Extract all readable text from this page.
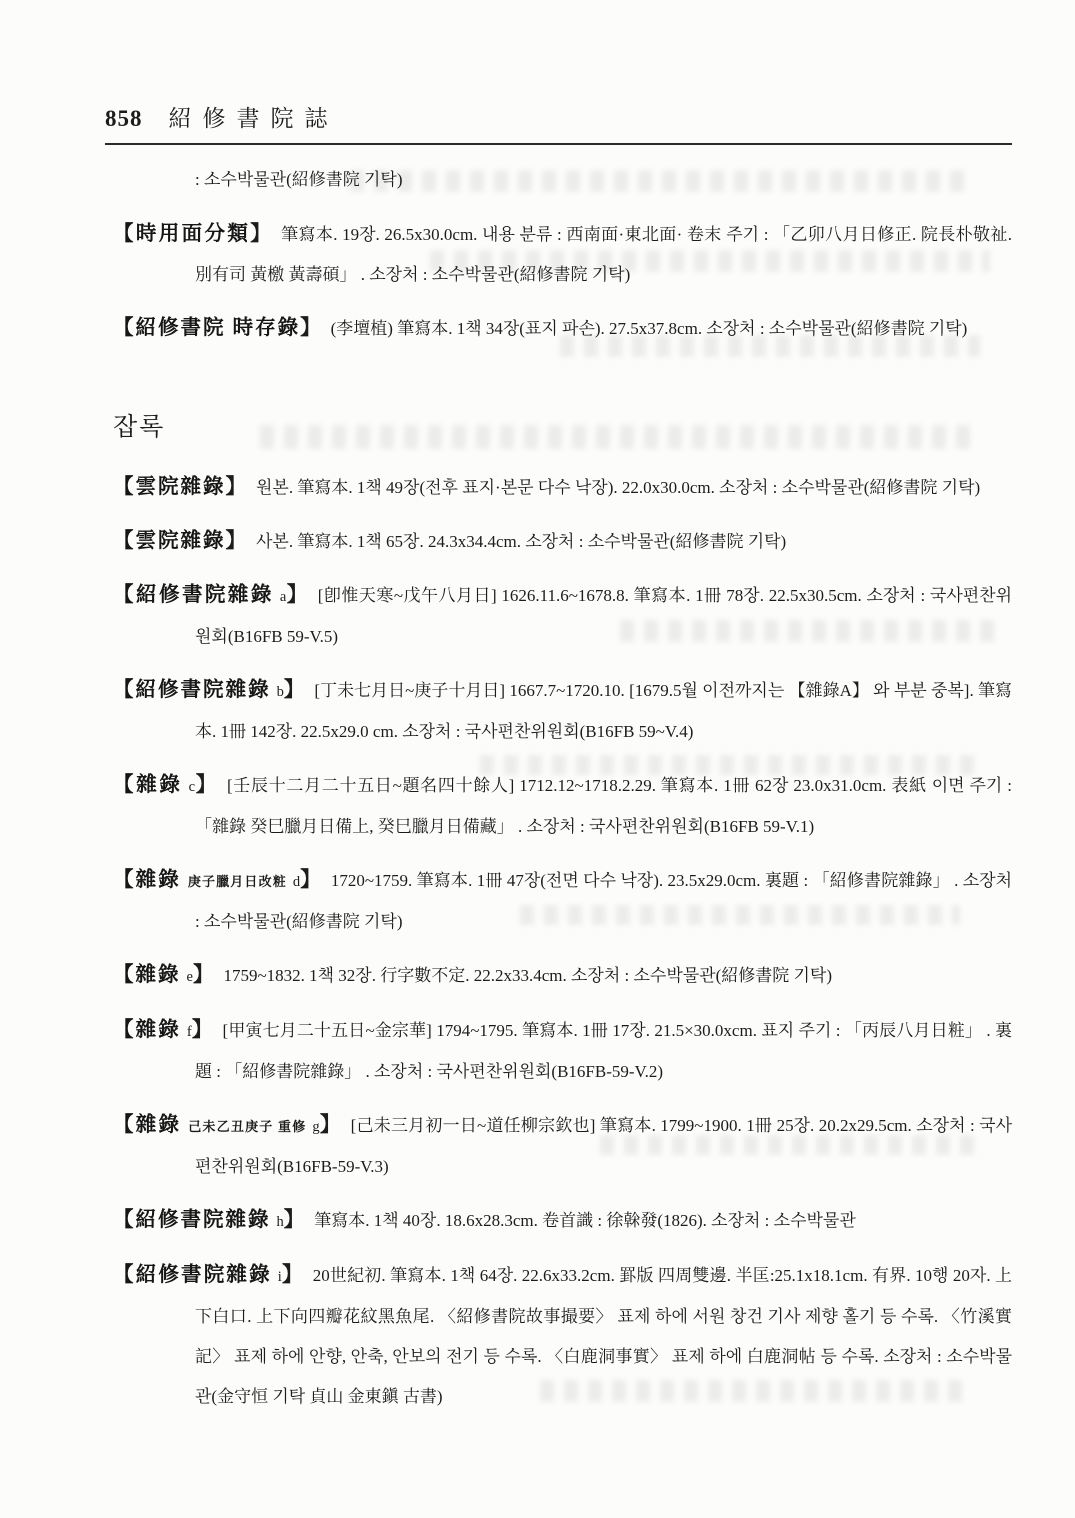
858 紹修書院誌

: 소수박물관(紹修書院 기탁)

【時用面分類】 筆寫本. 19장. 26.5x30.0cm. 내용 분류 : 西南面·東北面· 卷末 주기 : 「乙卯八月日修正. 院長朴敬祉. 別有司 黃檄 黃壽碩」 . 소장처 : 소수박물관(紹修書院 기탁)

【紹修書院 時存錄】 (李壇植) 筆寫本. 1책 34장(표지 파손). 27.5x37.8cm. 소장처 : 소수박물관(紹修書院 기탁)

잡록

【雲院雜錄】 원본. 筆寫本. 1책 49장(전후 표지·본문 다수 낙장). 22.0x30.0cm. 소장처 : 소수박물관(紹修書院 기탁)

【雲院雜錄】 사본. 筆寫本. 1책 65장. 24.3x34.4cm. 소장처 : 소수박물관(紹修書院 기탁)

【紹修書院雜錄 a】 [卽惟天寒~戊午八月日] 1626.11.6~1678.8. 筆寫本. 1冊 78장. 22.5x30.5cm. 소장처 : 국사편찬위원회(B16FB 59-V.5)

【紹修書院雜錄 b】 [丁未七月日~庚子十月日] 1667.7~1720.10. [1679.5월 이전까지는 【雜錄A】 와 부분 중복]. 筆寫本. 1冊 142장. 22.5x29.0 cm. 소장처 : 국사편찬위원회(B16FB 59~V.4)

【雜錄 c】 [壬辰十二月二十五日~題名四十餘人] 1712.12~1718.2.29. 筆寫本. 1冊 62장 23.0x31.0cm. 表紙 이면 주기 : 「雜錄 癸巳臘月日備上, 癸巳臘月日備藏」 . 소장처 : 국사편찬위원회(B16FB 59-V.1)

【雜錄 庚子臘月日改粧 d】 1720~1759. 筆寫本. 1冊 47장(전면 다수 낙장). 23.5x29.0cm. 裏題 : 「紹修書院雜錄」 . 소장처 : 소수박물관(紹修書院 기탁)

【雜錄 e】 1759~1832. 1책 32장. 行字數不定. 22.2x33.4cm. 소장처 : 소수박물관(紹修書院 기탁)

【雜錄 f】 [甲寅七月二十五日~金宗華] 1794~1795. 筆寫本. 1冊 17장. 21.5×30.0xcm. 표지 주기 : 「丙辰八月日粧」 . 裏題 : 「紹修書院雜錄」 . 소장처 : 국사편찬위원회(B16FB-59-V.2)

【雜錄 己未乙丑庚子 重修 g】 [己未三月初一日~道任柳宗欽也] 筆寫本. 1799~1900. 1冊 25장. 20.2x29.5cm. 소장처 : 국사편찬위원회(B16FB-59-V.3)

【紹修書院雜錄 h】 筆寫本. 1책 40장. 18.6x28.3cm. 卷首識 : 徐榦發(1826). 소장처 : 소수박물관

【紹修書院雜錄 i】 20世紀初. 筆寫本. 1책 64장. 22.6x33.2cm. 罫版 四周雙邊. 半匡:25.1x18.1cm. 有界. 10행 20자. 上下白口. 上下向四瓣花紋黑魚尾. 〈紹修書院故事撮要〉 표제 하에 서원 창건 기사 제향 홀기 등 수록. 〈竹溪實記〉 표제 하에 안향, 안축, 안보의 전기 등 수록. 〈白鹿洞事實〉 표제 하에 白鹿洞帖 등 수록. 소장처 : 소수박물관(金守恒 기탁 貞山 金東鎭 古書)
